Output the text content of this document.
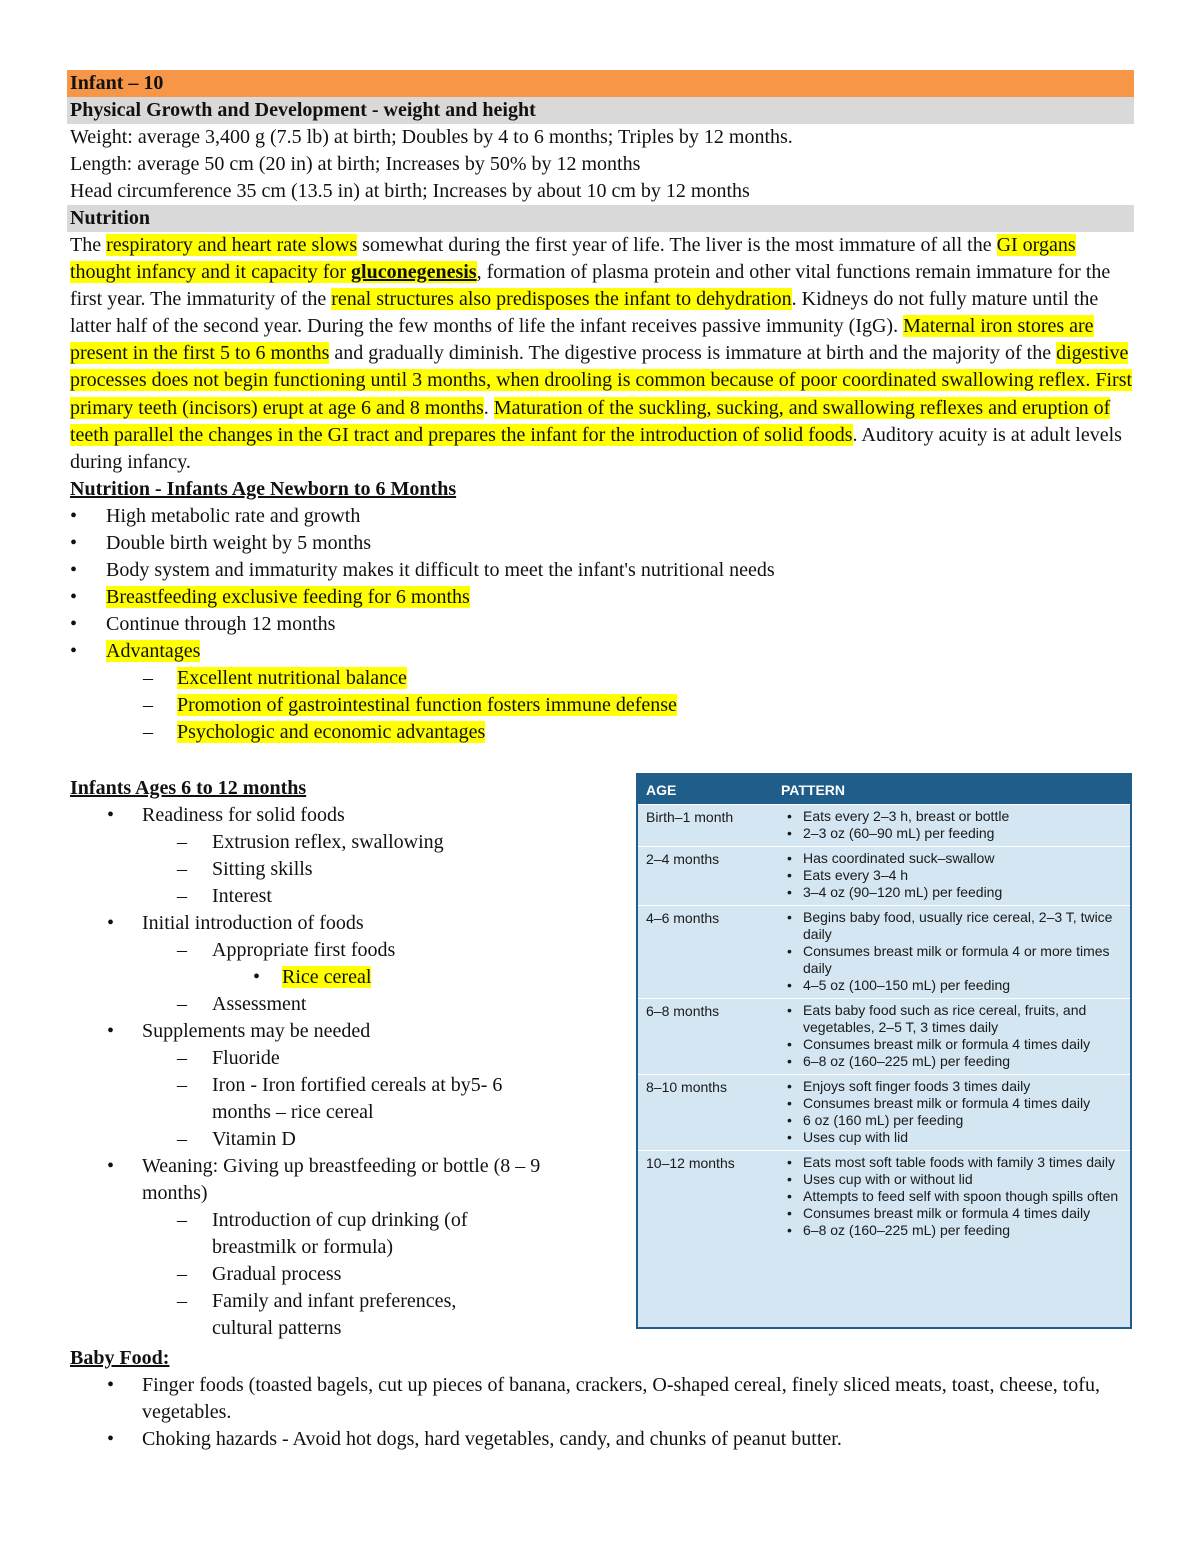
Infant – 10
Physical Growth and Development - weight and height
Weight: average 3,400 g (7.5 lb) at birth; Doubles by 4 to 6 months; Triples by 12 months.
Length: average 50 cm (20 in) at birth; Increases by 50% by 12 months
Head circumference 35 cm (13.5 in) at birth; Increases by about 10 cm by 12 months
Nutrition
The respiratory and heart rate slows somewhat during the first year of life. The liver is the most immature of all the GI organs thought infancy and it capacity for gluconegenesis, formation of plasma protein and other vital functions remain immature for the first year. The immaturity of the renal structures also predisposes the infant to dehydration. Kidneys do not fully mature until the latter half of the second year. During the few months of life the infant receives passive immunity (IgG). Maternal iron stores are present in the first 5 to 6 months and gradually diminish. The digestive process is immature at birth and the majority of the digestive processes does not begin functioning until 3 months, when drooling is common because of poor coordinated swallowing reflex. First primary teeth (incisors) erupt at age 6 and 8 months. Maturation of the suckling, sucking, and swallowing reflexes and eruption of teeth parallel the changes in the GI tract and prepares the infant for the introduction of solid foods. Auditory acuity is at adult levels during infancy.
Nutrition - Infants Age Newborn to 6 Months
• High metabolic rate and growth
• Double birth weight by 5 months
• Body system and immaturity makes it difficult to meet the infant's nutritional needs
• Breastfeeding exclusive feeding for 6 months
• Continue through 12 months
• Advantages
– Excellent nutritional balance
– Promotion of gastrointestinal function fosters immune defense
– Psychologic and economic advantages
Infants Ages 6 to 12 months
• Readiness for solid foods
– Extrusion reflex, swallowing
– Sitting skills
– Interest
• Initial introduction of foods
– Appropriate first foods
• Rice cereal
– Assessment
• Supplements may be needed
– Fluoride
– Iron - Iron fortified cereals at by5- 6 months – rice cereal
– Vitamin D
• Weaning: Giving up breastfeeding or bottle (8 – 9 months)
– Introduction of cup drinking (of breastmilk or formula)
– Gradual process
– Family and infant preferences, cultural patterns
AGE	PATTERN
Birth–1 month	• Eats every 2–3 h, breast or bottle
• 2–3 oz (60–90 mL) per feeding
2–4 months	• Has coordinated suck–swallow
• Eats every 3–4 h
• 3–4 oz (90–120 mL) per feeding
4–6 months	• Begins baby food, usually rice cereal, 2–3 T, twice daily
• Consumes breast milk or formula 4 or more times daily
• 4–5 oz (100–150 mL) per feeding
6–8 months	• Eats baby food such as rice cereal, fruits, and vegetables, 2–5 T, 3 times daily
• Consumes breast milk or formula 4 times daily
• 6–8 oz (160–225 mL) per feeding
8–10 months	• Enjoys soft finger foods 3 times daily
• Consumes breast milk or formula 4 times daily
• 6 oz (160 mL) per feeding
• Uses cup with lid
10–12 months	• Eats most soft table foods with family 3 times daily
• Uses cup with or without lid
• Attempts to feed self with spoon though spills often
• Consumes breast milk or formula 4 times daily
• 6–8 oz (160–225 mL) per feeding
Baby Food:
• Finger foods (toasted bagels, cut up pieces of banana, crackers, O-shaped cereal, finely sliced meats, toast, cheese, tofu, vegetables.
• Choking hazards - Avoid hot dogs, hard vegetables, candy, and chunks of peanut butter.
